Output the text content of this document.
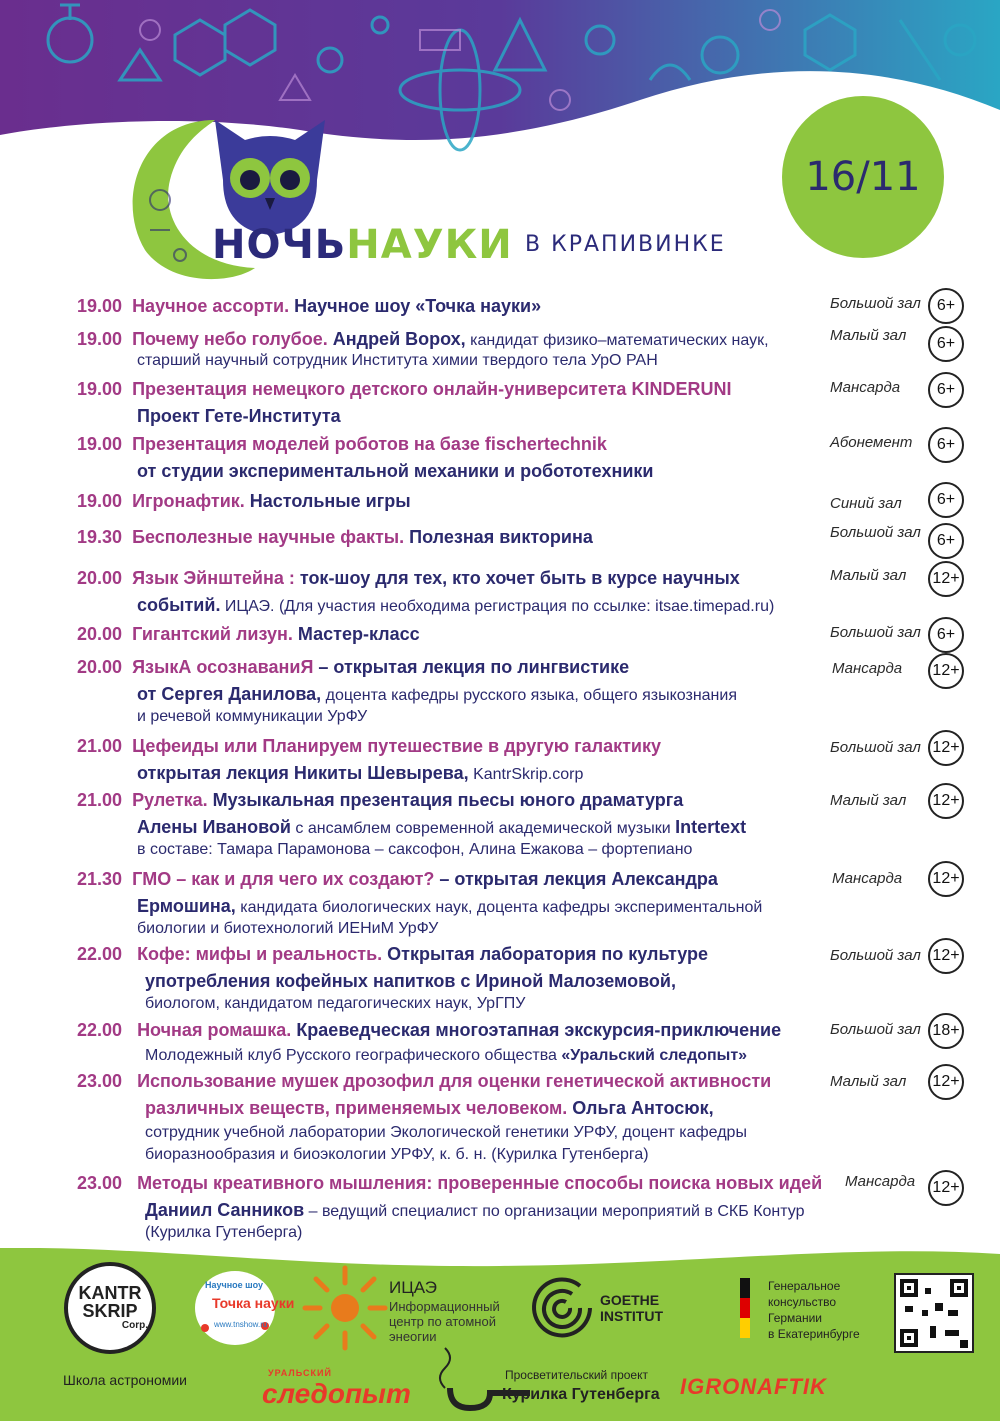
НОЧЬНАУКИ В КРАПИВИНКЕ
16/11
19.00 Научное ассорти. Научное шоу «Точка науки»	Большой зал	6+
19.00 Почему небо голубое. Андрей Ворох, кандидат физико–математических наук,
старший научный сотрудник Института химии твердого тела УрО РАН
Малый зал	6+
19.00 Презентация немецкого детского онлайн-университета KINDERUNI
Проект Гете-Института
Мансарда	6+
19.00 Презентация моделей роботов на базе fischertechnik
от студии экспериментальной механики и робототехники
Абонемент	6+
19.00 Игронафтик. Настольные игры	Синий зал	6+
19.30 Бесполезные научные факты. Полезная викторина	Большой зал	6+
20.00 Язык Эйнштейна : ток-шоу для тех, кто хочет быть в курсе научных
событий. ИЦАЭ. (Для участия необходима регистрация по ссылке: itsae.timepad.ru)
Малый зал 12+
20.00 Гигантский лизун. Мастер-класс	Большой зал	6+
20.00 ЯзыкА осознаваниЯ – открытая лекция по лингвистике
от Сергея Данилова, доцента кафедры русского языка, общего языкознания
и речевой коммуникации УрФУ
Мансарда 12+
21.00 Цефеиды или Планируем путешествие в другую галактику
открытая лекция Никиты Шевырева, KantrSkrip.corp
Большой зал 12+
21.00 Рулетка. Музыкальная презентация пьесы юного драматурга
Алены Ивановой с ансамблем современной академической музыки Intertext
в составе: Тамара Парамонова – саксофон, Алина Ежакова – фортепиано
Малый зал 12+
21.30 ГМО – как и для чего их создают? – открытая лекция Александра
Ермошина, кандидата биологических наук, доцента кафедры экспериментальной
биологии и биотехнологий ИЕНиМ УрФУ
Мансарда 12+
22.00 Кофе: мифы и реальность. Открытая лаборатория по культуре
употребления кофейных напитков с Ириной Малоземовой,
биологом, кандидатом педагогических наук, УрГПУ
Большой зал 12+
22.00 Ночная ромашка. Краеведческая многоэтапная экскурсия-приключение
Молодежный клуб Русского географического общества «Уральский следопыт»
Большой зал 18+
23.00 Использование мушек дрозофил для оценки генетической активности
различных веществ, применяемых человеком. Ольга Антосюк,
сотрудник учебной лаборатории Экологической генетики УРФУ, доцент кафедры
биоразнообразия и биоэкологии УРФУ, к. б. н. (Курилка Гутенберга)
Малый зал 12+
23.00 Методы креативного мышления: проверенные способы поиска новых идей
Даниил Санников – ведущий специалист по организации мероприятий в СКБ Контур
(Курилка Гутенберга)
Мансарда 12+
KANTR
SKRIP
Corp.
Школа астрономии
Научное шоу
Точка науки
www.tnshow.ru
ИЦАЭ
Информационный
центр по атомной
энеогии
GOETHE
INSTITUT
Генеральное
консульство
Германии
в Екатеринбурге
УРАЛЬСКИЙ
следопыт
Просветительский проект
Курилка Гутенберга IGRONAFTIK
